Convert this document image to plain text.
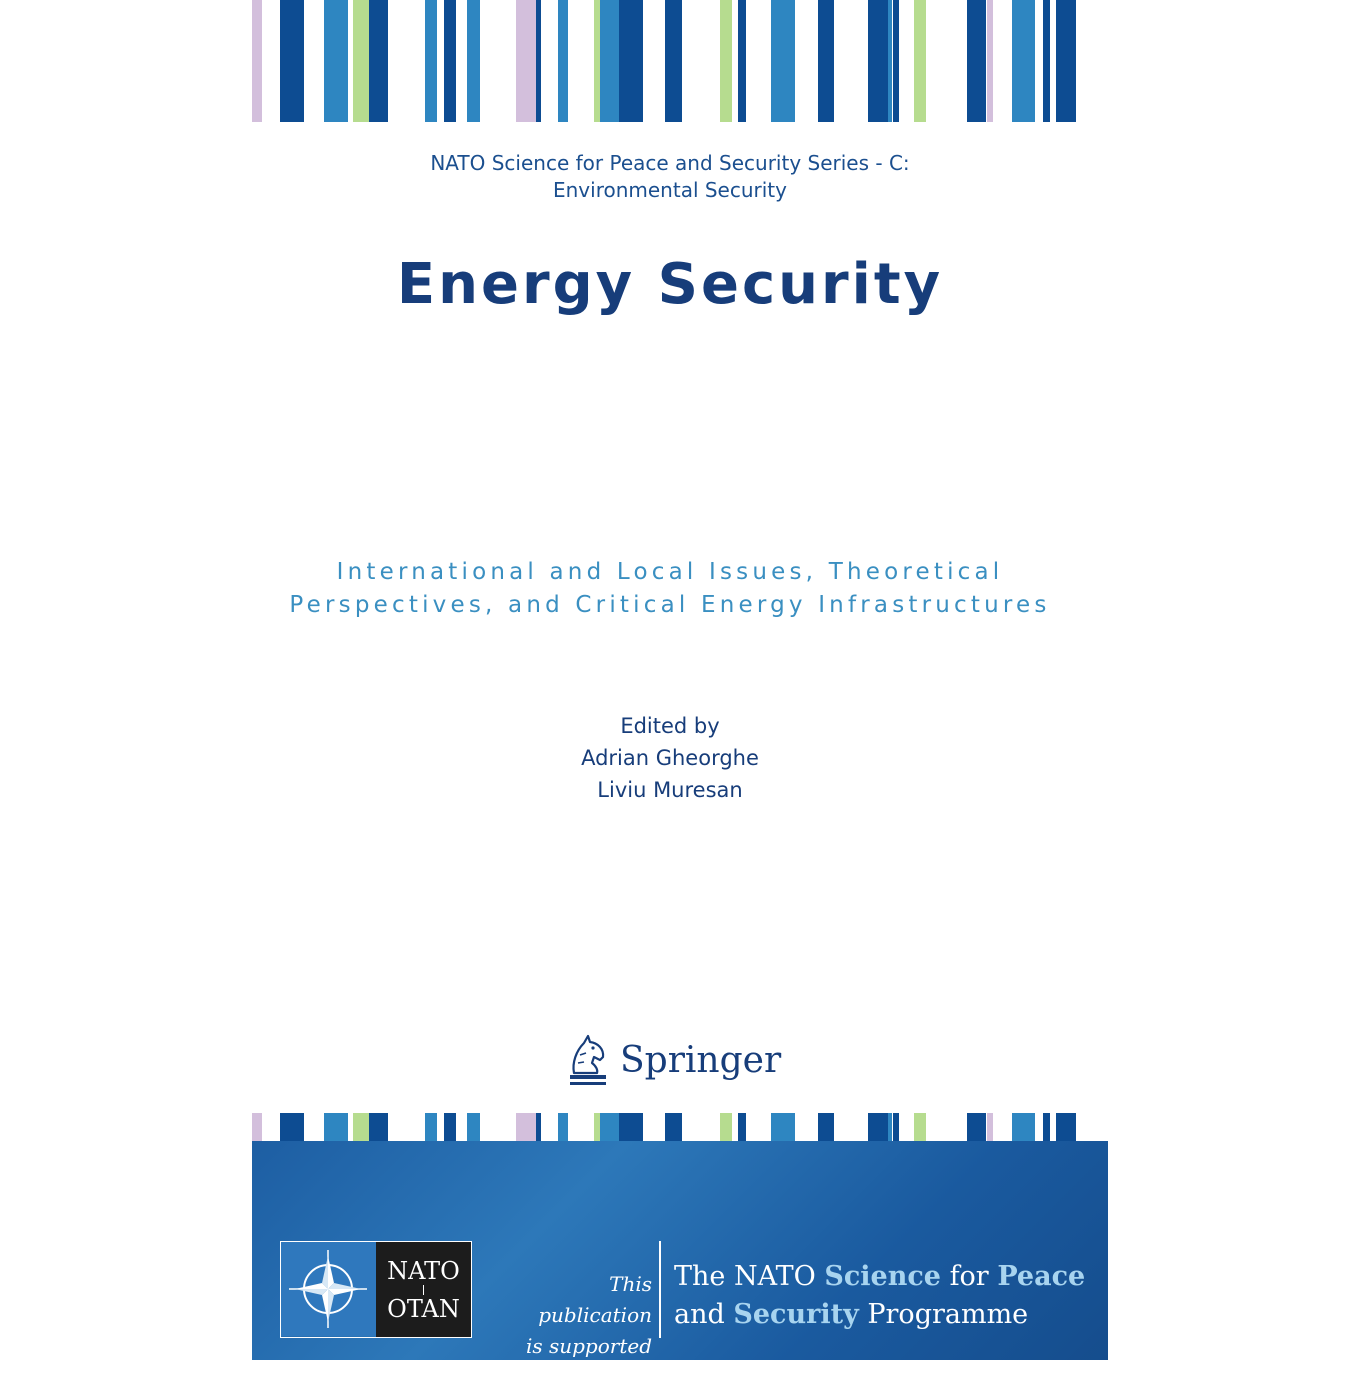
NATO Science for Peace and Security Series - C:
Environmental Security
Energy Security
International and Local Issues, Theoretical
Perspectives, and Critical Energy Infrastructures
Edited by
Adrian Gheorghe
Liviu Muresan
Springer
NATO
OTAN
This publication
is supported by:
The NATO Science for Peace
and Security Programme
